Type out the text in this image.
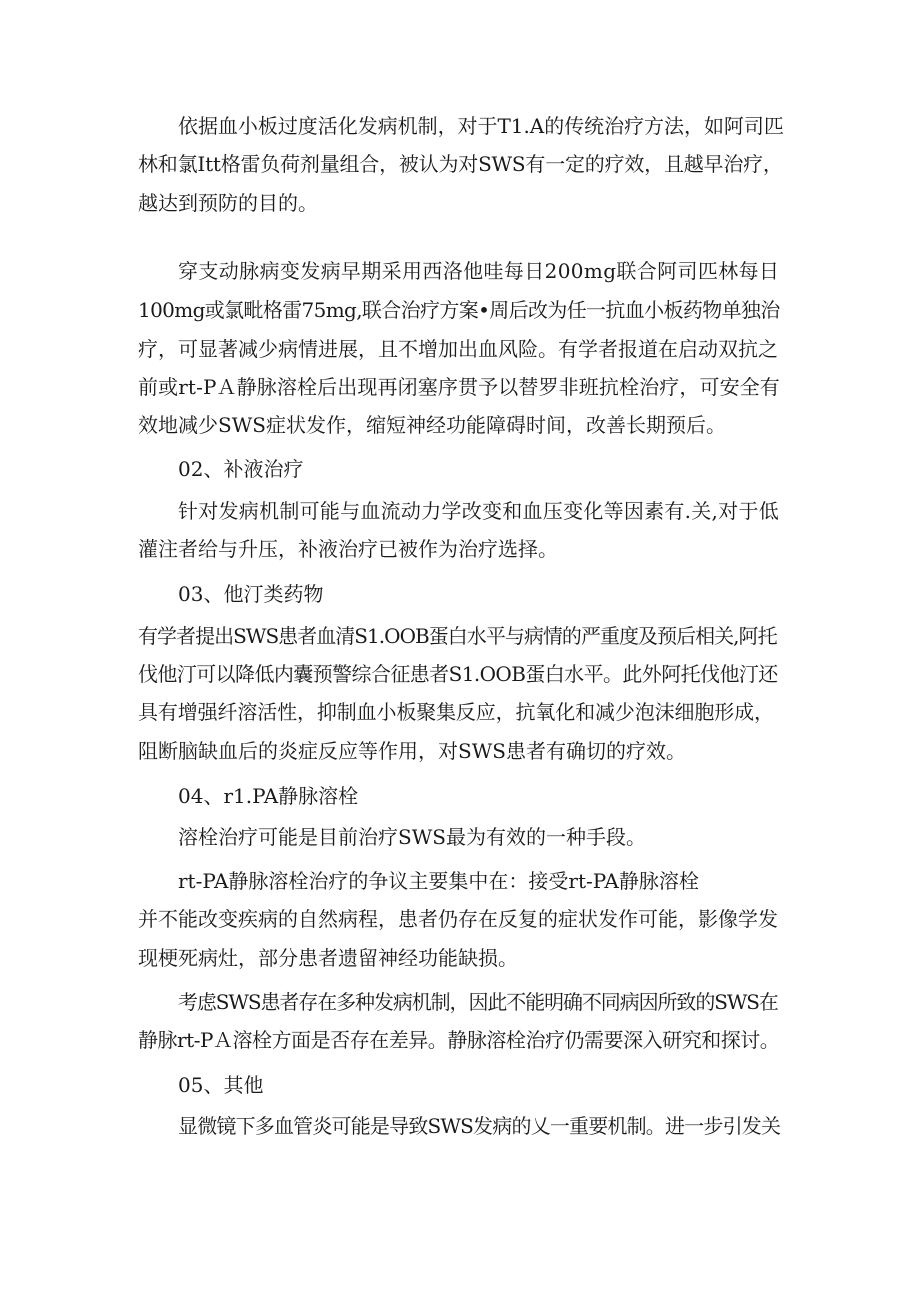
依据血小板过度活化发病机制，对于T1.A的传统治疗方法，如阿司匹
林和氯Itt格雷负荷剂量组合，被认为对SWS有一定的疗效，且越早治疗，
越达到预防的目的。
穿支动脉病变发病早期采用西洛他哇每日200mg联合阿司匹林每日
100mg或氯毗格雷75mg,联合治疗方案•周后改为任一抗血小板药物单独治
疗，可显著减少病情进展，且不增加出血风险。有学者报道在启动双抗之
前或rt-PＡ静脉溶栓后出现再闭塞序贯予以替罗非班抗栓治疗，可安全有
效地减少SWS症状发作，缩短神经功能障碍时间，改善长期预后。
02、补液治疗
针对发病机制可能与血流动力学改变和血压变化等因素有.关,对于低
灌注者给与升压，补液治疗已被作为治疗选择。
03、他汀类药物
有学者提出SWS患者血清S1.OOB蛋白水平与病情的严重度及预后相关,阿托
伐他汀可以降低内囊预警综合征患者S1.OOB蛋白水平。此外阿托伐他汀还
具有增强纤溶活性，抑制血小板聚集反应，抗氧化和减少泡沫细胞形成，
阻断脑缺血后的炎症反应等作用，对SWS患者有确切的疗效。
04、r1.PA静脉溶栓
溶栓治疗可能是目前治疗SWS最为有效的一种手段。
rt-PA静脉溶栓治疗的争议主要集中在：接受rt-PA静脉溶栓
并不能改变疾病的自然病程，患者仍存在反复的症状发作可能，影像学发
现梗死病灶，部分患者遗留神经功能缺损。
考虑SWS患者存在多种发病机制，因此不能明确不同病因所致的SWS在
静脉rt-PＡ溶栓方面是否存在差异。静脉溶栓治疗仍需要深入研究和探讨。
05、其他
显微镜下多血管炎可能是导致SWS发病的乂一重要机制。进一步引发关
